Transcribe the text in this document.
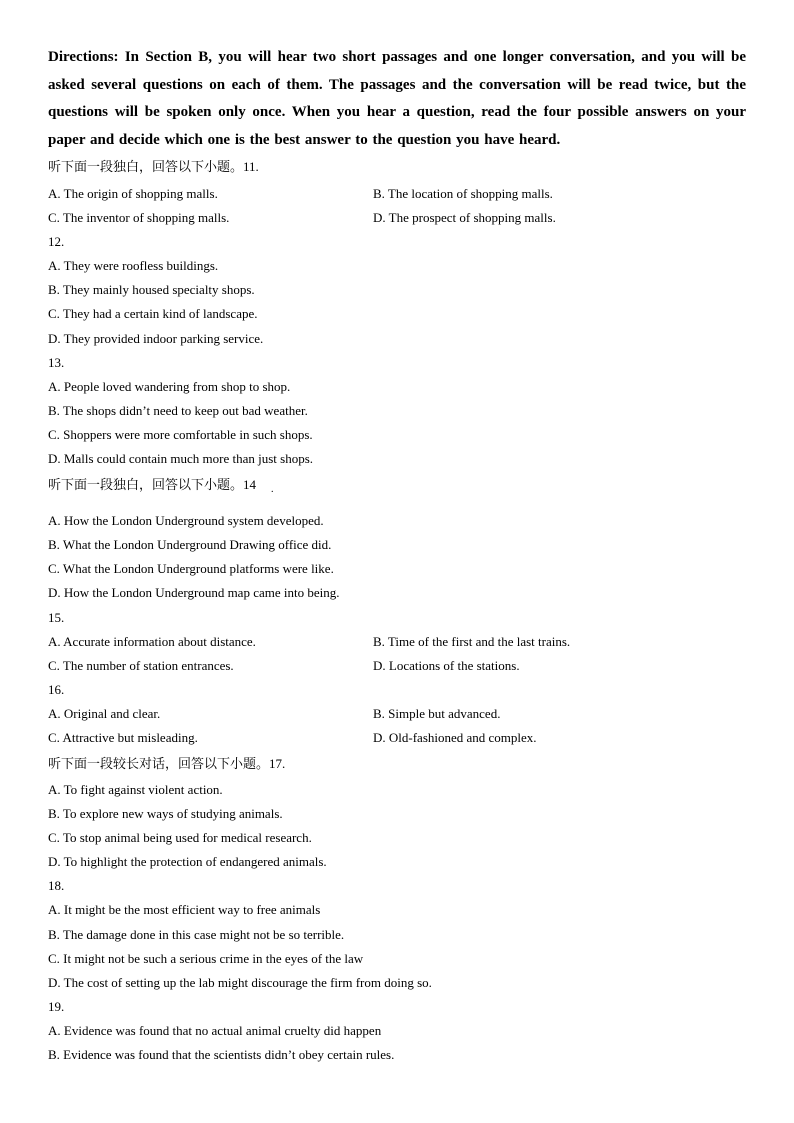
Directions: In Section B, you will hear two short passages and one longer conversation, and you will be asked several questions on each of them. The passages and the conversation will be read twice, but the questions will be spoken only once. When you hear a question, read the four possible answers on your paper and decide which one is the best answer to the question you have heard.
听下面一段独白，回答以下小题。11.
A. The origin of shopping malls.	B. The location of shopping malls.
C. The inventor of shopping malls.	D. The prospect of shopping malls.
12.
A. They were roofless buildings.
B. They mainly housed specialty shops.
C. They had a certain kind of landscape.
D. They provided indoor parking service.
13.
A. People loved wandering from shop to shop.
B. The shops didn’t need to keep out bad weather.
C. Shoppers were more comfortable in such shops.
D. Malls could contain much more than just shops.
听下面一段独白，回答以下小题。14 .
A. How the London Underground system developed.
B. What the London Underground Drawing office did.
C. What the London Underground platforms were like.
D. How the London Underground map came into being.
15.
A. Accurate information about distance.	B. Time of the first and the last trains.
C. The number of station entrances.	D. Locations of the stations.
16.
A. Original and clear.	B. Simple but advanced.
C. Attractive but misleading.	D. Old-fashioned and complex.
听下面一段较长对话，回答以下小题。17.
A. To fight against violent action.
B. To explore new ways of studying animals.
C. To stop animal being used for medical research.
D. To highlight the protection of endangered animals.
18.
A. It might be the most efficient way to free animals
B. The damage done in this case might not be so terrible.
C. It might not be such a serious crime in the eyes of the law
D. The cost of setting up the lab might discourage the firm from doing so.
19.
A. Evidence was found that no actual animal cruelty did happen
B. Evidence was found that the scientists didn’t obey certain rules.
